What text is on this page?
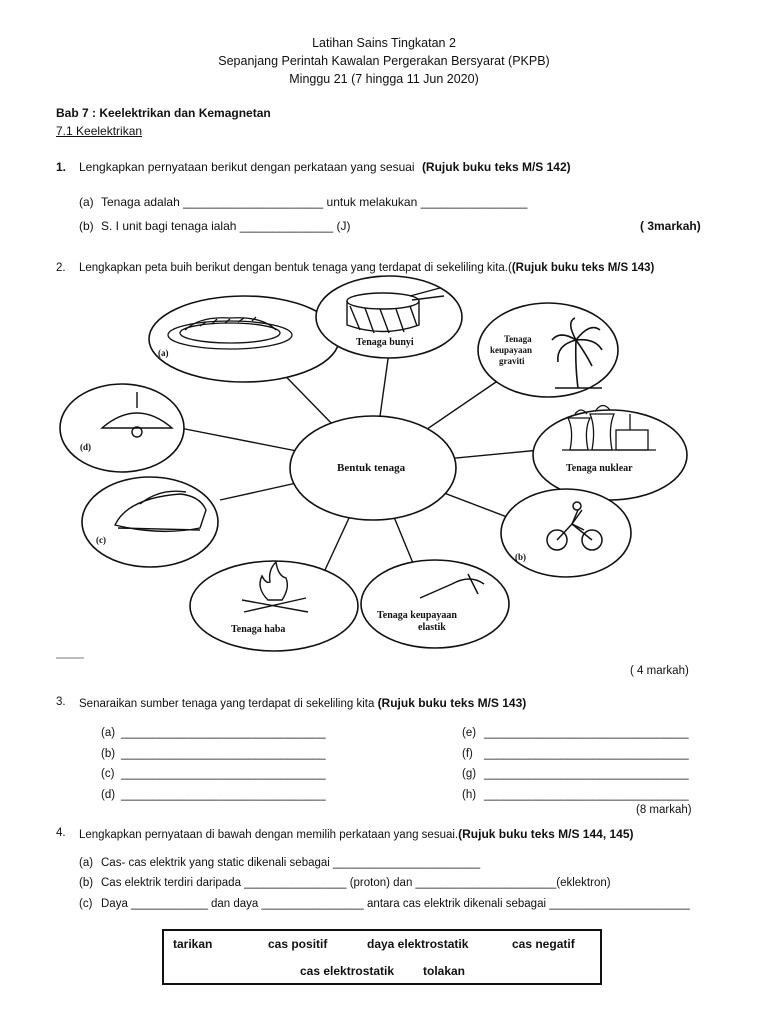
Latihan Sains Tingkatan 2
Sepanjang Perintah Kawalan Pergerakan Bersyarat (PKPB)
Minggu 21 (7 hingga 11 Jun 2020)
Bab 7 : Keelektrikan dan Kemagnetan
7.1 Keelektrikan
1. Lengkapkan pernyataan berikut dengan perkataan yang sesuai (Rujuk buku teks M/S 142)
(a) Tenaga adalah _____________________ untuk melakukan ________________
(b) S. I unit bagi tenaga ialah ______________ (J)	( 3markah)
2. Lengkapkan peta buih berikut dengan bentuk tenaga yang terdapat di sekeliling kita.((Rujuk buku teks M/S 143)
(a)
Tenaga bunyi	Tenaga
keupayaan
graviti
(d)
Tenaga nuklear
(c)
(b)
Tenaga haba
Tenaga keupayaan
elastik
Bentuk tenaga
( 4 markah)
3. Senaraikan sumber tenaga yang terdapat di sekeliling kita (Rujuk buku teks M/S 143)
(a) ________________________________
(b) ________________________________
(c) ________________________________
(d) ________________________________
(e) ________________________________
(f) ________________________________
(g) ________________________________
(h) ________________________________
(8 markah)
4. Lengkapkan pernyataan di bawah dengan memilih perkataan yang sesuai.(Rujuk buku teks M/S 144, 145)
(a) Cas- cas elektrik yang static dikenali sebagai _______________________
(b) Cas elektrik terdiri daripada ________________ (proton) dan ______________________(eklektron)
(c) Daya ____________ dan daya ________________ antara cas elektrik dikenali sebagai ______________________
tarikan	cas positif	daya elektrostatik	cas negatif
cas elektrostatik tolakan
